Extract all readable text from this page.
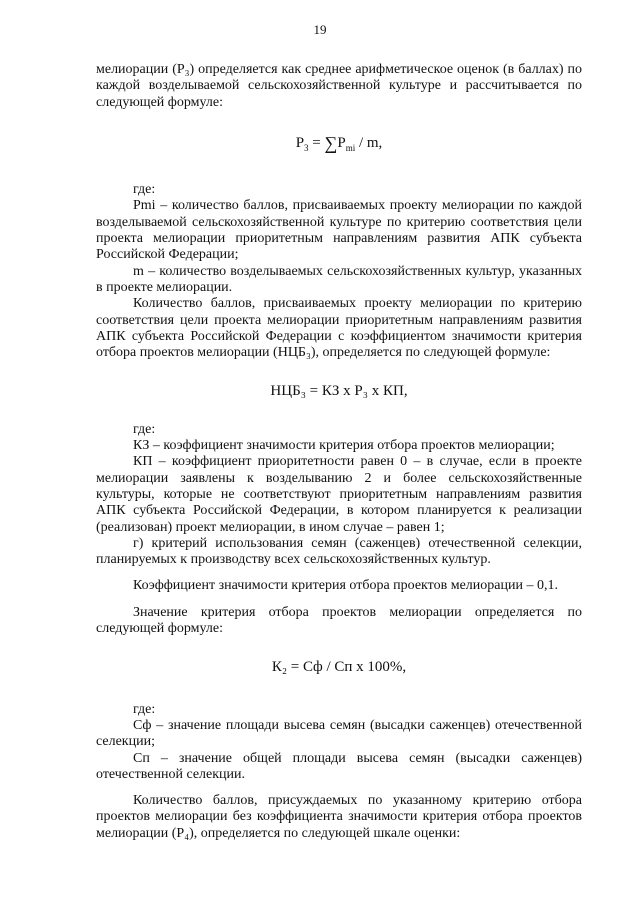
19

мелиорации (Р₃) определяется как среднее арифметическое оценок (в баллах) по каждой возделываемой сельскохозяйственной культуре и рассчитывается по следующей формуле:

$Р_3 = \sum P_{mi} / m$,

где:

Pmi – количество баллов, присваиваемых проекту мелиорации по каждой возделываемой сельскохозяйственной культуре по критерию соответствия цели проекта мелиорации приоритетным направлениям развития АПК субъекта Российской Федерации;

m – количество возделываемых сельскохозяйственных культур, указанных в проекте мелиорации.

Количество баллов, присваиваемых проекту мелиорации по критерию соответствия цели проекта мелиорации приоритетным направлениям развития АПК субъекта Российской Федерации с коэффициентом значимости критерия отбора проектов мелиорации (НЦБ₃), определяется по следующей формуле:

НЦБ₃ = КЗ х Р₃ х КП,

где:

КЗ – коэффициент значимости критерия отбора проектов мелиорации;

КП – коэффициент приоритетности равен 0 – в случае, если в проекте мелиорации заявлены к возделыванию 2 и более сельскохозяйственные культуры, которые не соответствуют приоритетным направлениям развития АПК субъекта Российской Федерации, в котором планируется к реализации (реализован) проект мелиорации, в ином случае – равен 1;

г) критерий использования семян (саженцев) отечественной селекции, планируемых к производству всех сельскохозяйственных культур.

Коэффициент значимости критерия отбора проектов мелиорации – 0,1.

Значение критерия отбора проектов мелиорации определяется по следующей формуле:

К₂ = Сф / Сп х 100%,

где:

Сф – значение площади высева семян (высадки саженцев) отечественной селекции;

Сп – значение общей площади высева семян (высадки саженцев) отечественной селекции.

Количество баллов, присуждаемых по указанному критерию отбора проектов мелиорации без коэффициента значимости критерия отбора проектов мелиорации (Р₄), определяется по следующей шкале оценки:
